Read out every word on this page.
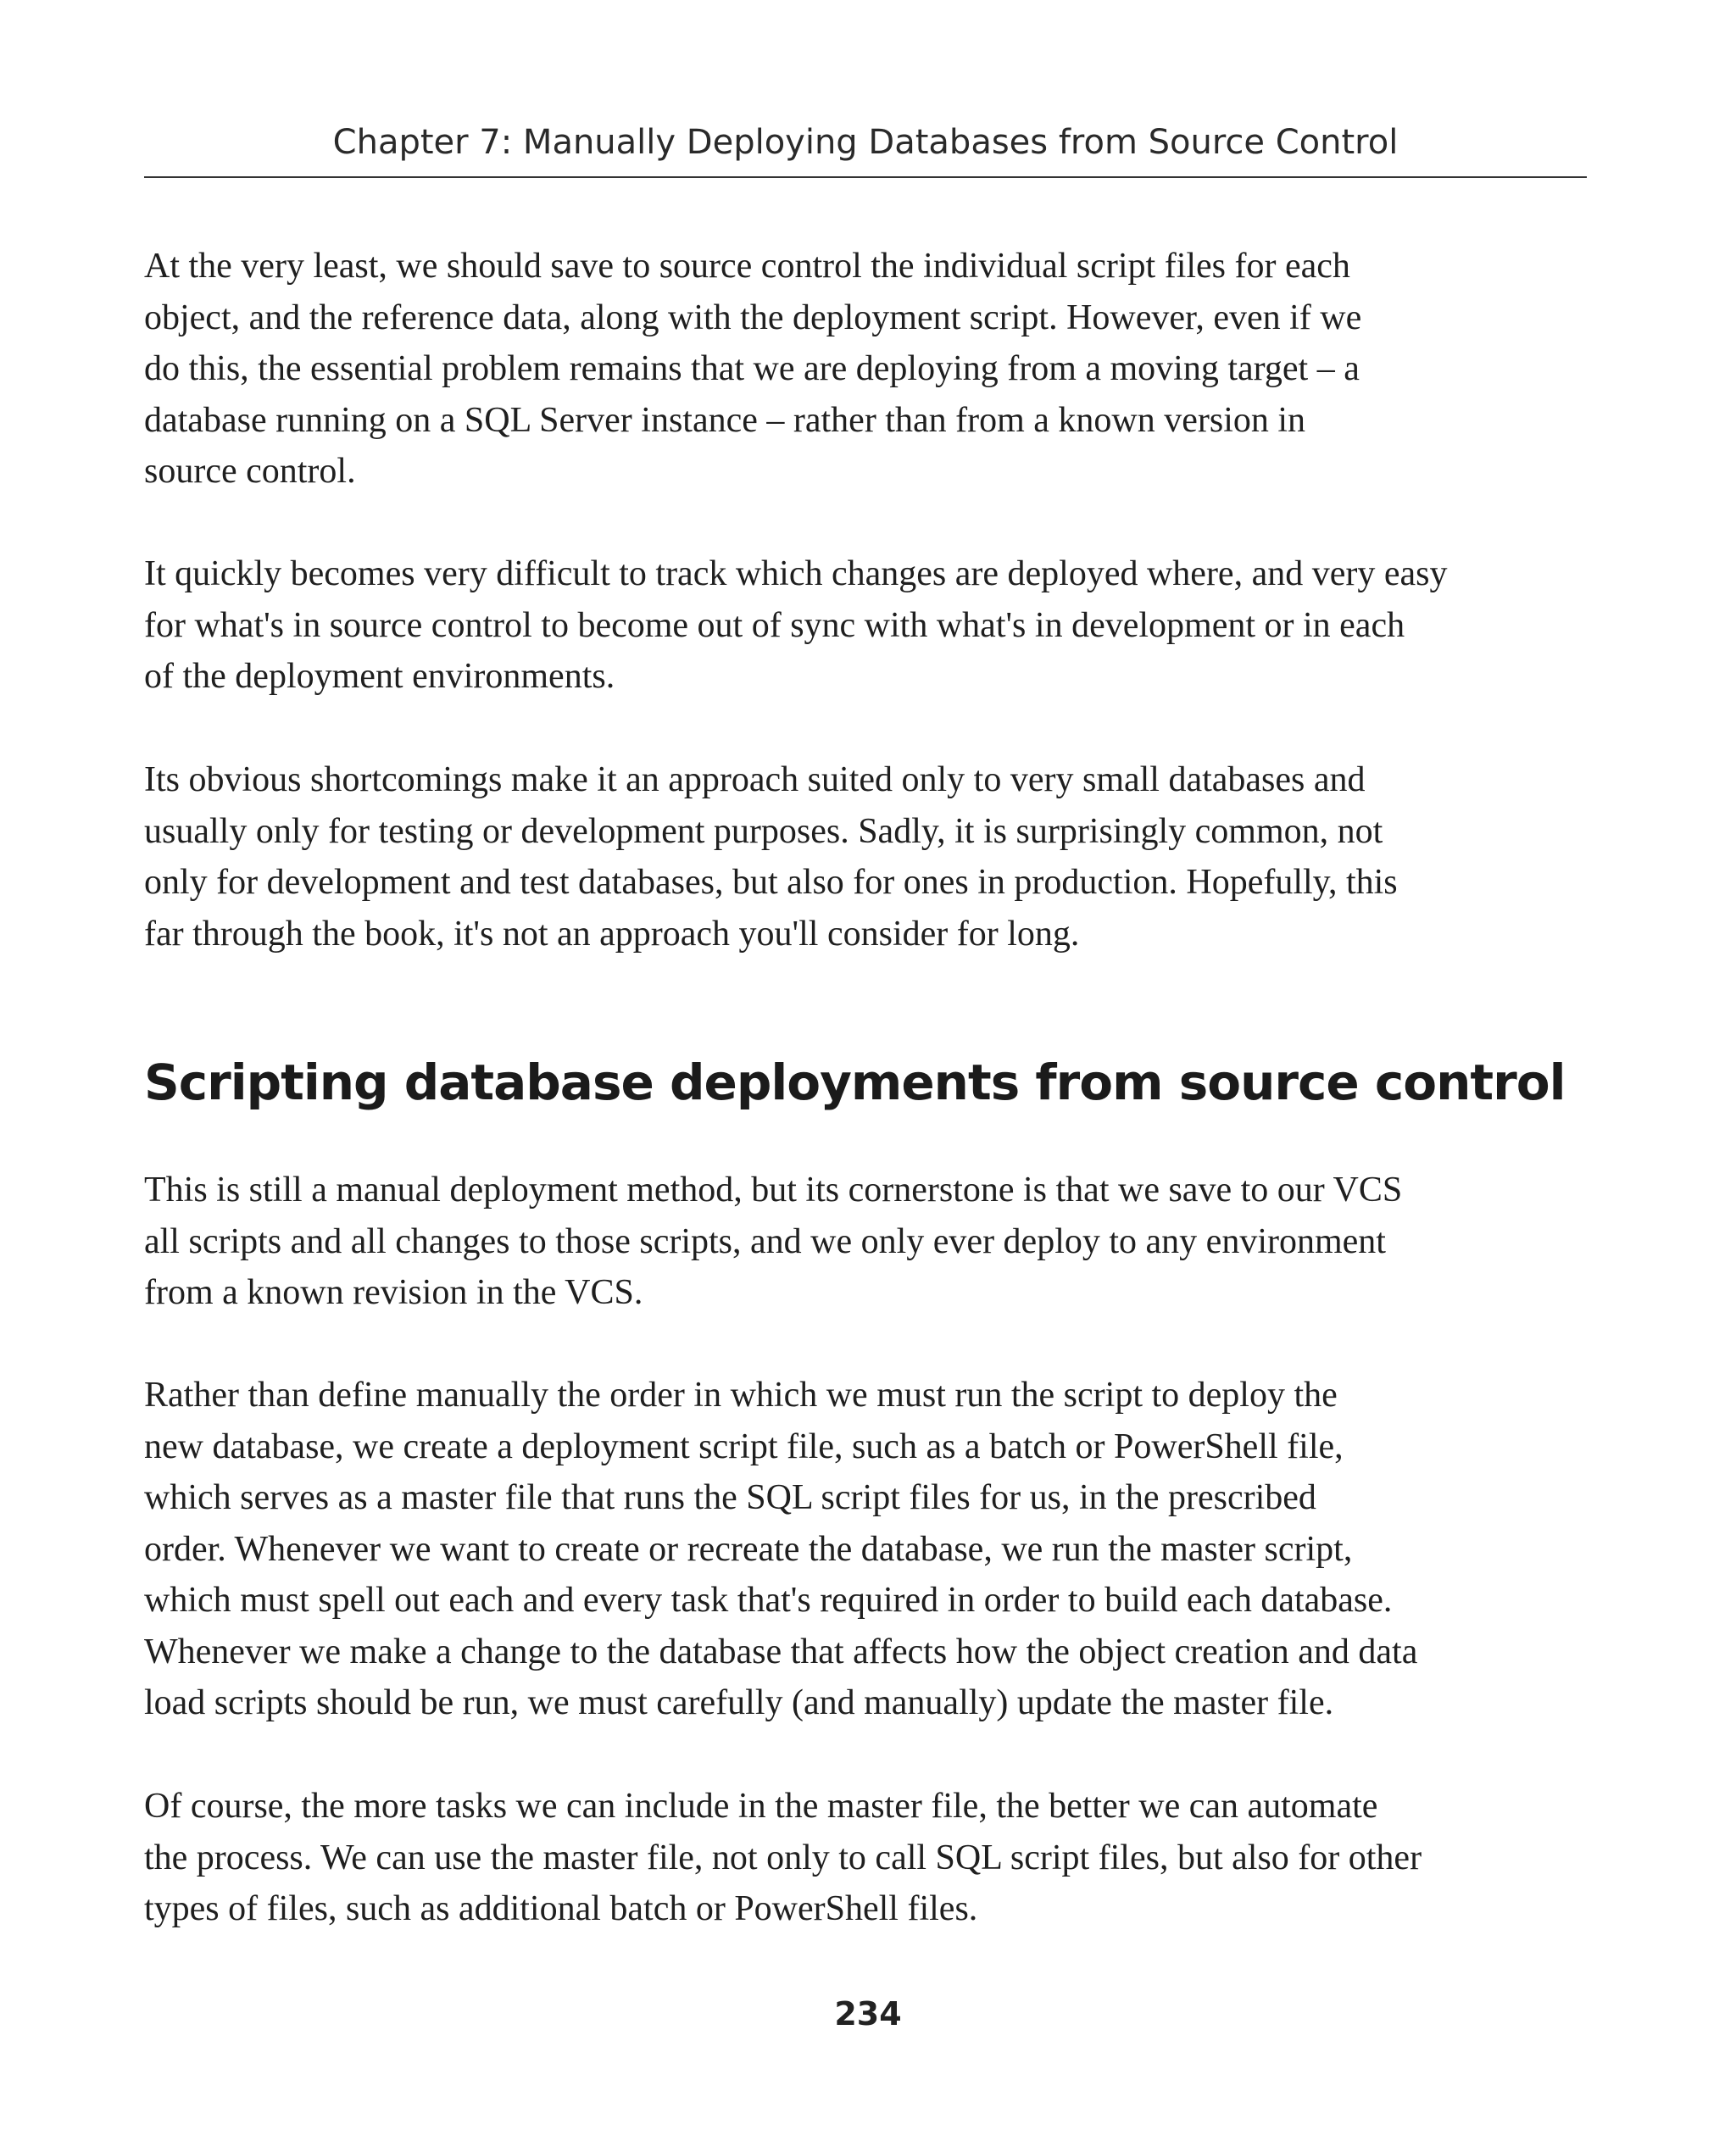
Chapter 7: Manually Deploying Databases from Source Control

At the very least, we should save to source control the individual script files for each
object, and the reference data, along with the deployment script. However, even if we
do this, the essential problem remains that we are deploying from a moving target – a
database running on a SQL Server instance – rather than from a known version in
source control.

It quickly becomes very difficult to track which changes are deployed where, and very easy
for what's in source control to become out of sync with what's in development or in each
of the deployment environments.

Its obvious shortcomings make it an approach suited only to very small databases and
usually only for testing or development purposes. Sadly, it is surprisingly common, not
only for development and test databases, but also for ones in production. Hopefully, this
far through the book, it's not an approach you'll consider for long.

Scripting database deployments from source control

This is still a manual deployment method, but its cornerstone is that we save to our VCS
all scripts and all changes to those scripts, and we only ever deploy to any environment
from a known revision in the VCS.

Rather than define manually the order in which we must run the script to deploy the
new database, we create a deployment script file, such as a batch or PowerShell file,
which serves as a master file that runs the SQL script files for us, in the prescribed
order. Whenever we want to create or recreate the database, we run the master script,
which must spell out each and every task that's required in order to build each database.
Whenever we make a change to the database that affects how the object creation and data
load scripts should be run, we must carefully (and manually) update the master file.

Of course, the more tasks we can include in the master file, the better we can automate
the process. We can use the master file, not only to call SQL script files, but also for other
types of files, such as additional batch or PowerShell files.

234
